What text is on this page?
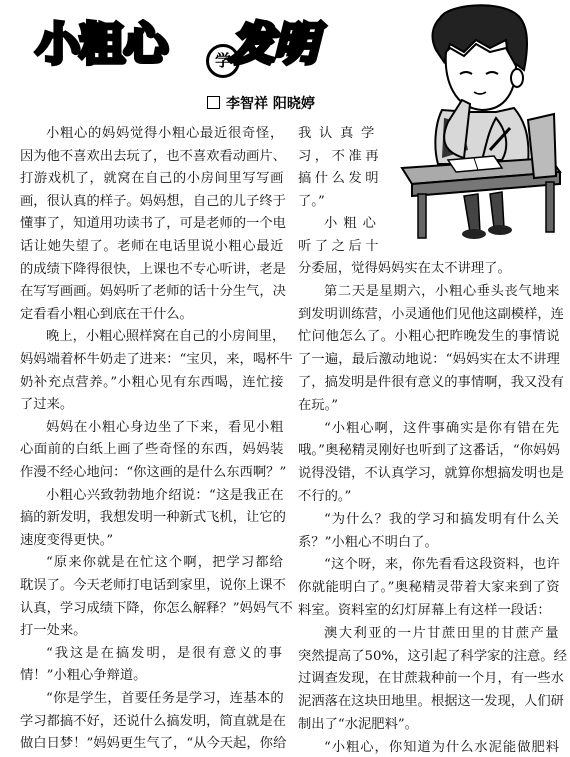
小粗心	学 发明
李智祥 阳晓婷
小粗心的妈妈觉得小粗心最近很奇怪，
因为他不喜欢出去玩了，也不喜欢看动画片、
打游戏机了，就窝在自己的小房间里写写画
画，很认真的样子。妈妈想，自己的儿子终于
懂事了，知道用功读书了，可是老师的一个电
话让她失望了。老师在电话里说小粗心最近
的成绩下降得很快，上课也不专心听讲，老是
在写写画画。妈妈听了老师的话十分生气，决
定看看小粗心到底在干什么。
晚上，小粗心照样窝在自己的小房间里，
妈妈端着杯牛奶走了进来：“宝贝，来，喝杯牛
奶补充点营养。”小粗心见有东西喝，连忙接
了过来。
妈妈在小粗心身边坐了下来，看见小粗
心面前的白纸上画了些奇怪的东西，妈妈装
作漫不经心地问：“你这画的是什么东西啊？”
小粗心兴致勃勃地介绍说：“这是我正在
搞的新发明，我想发明一种新式飞机，让它的
速度变得更快。”
“原来你就是在忙这个啊，把学习都给
耽误了。今天老师打电话到家里，说你上课不
认真，学习成绩下降，你怎么解释？”妈妈气不
打一处来。
“我这是在搞发明，是很有意义的事
情！”小粗心争辩道。
“你是学生，首要任务是学习，连基本的
学习都搞不好，还说什么搞发明，简直就是在
做白日梦！”妈妈更生气了，“从今天起，你给
我认真学
习，不准再
搞什么发明
了。”
小粗心
听了之后十
分委屈，觉得妈妈实在太不讲理了。
第二天是星期六，小粗心垂头丧气地来
到发明训练营，小灵通他们见他这副模样，连
忙问他怎么了。小粗心把昨晚发生的事情说
了一遍，最后激动地说：“妈妈实在太不讲理
了，搞发明是件很有意义的事情啊，我又没有
在玩。”
“小粗心啊，这件事确实是你有错在先
哦。”奥秘精灵刚好也听到了这番话，“你妈妈
说得没错，不认真学习，就算你想搞发明也是
不行的。”
“为什么？我的学习和搞发明有什么关
系？”小粗心不明白了。
“这个呀，来，你先看看这段资料，也许
你就能明白了。”奥秘精灵带着大家来到了资
料室。资料室的幻灯屏幕上有这样一段话：
澳大利亚的一片甘蔗田里的甘蔗产量
突然提高了50%，这引起了科学家的注意。经
过调查发现，在甘蔗栽种前一个月，有一些水
泥洒落在这块田地里。根据这一发现，人们研
制出了“水泥肥料”。
“小粗心，你知道为什么水泥能做肥料
